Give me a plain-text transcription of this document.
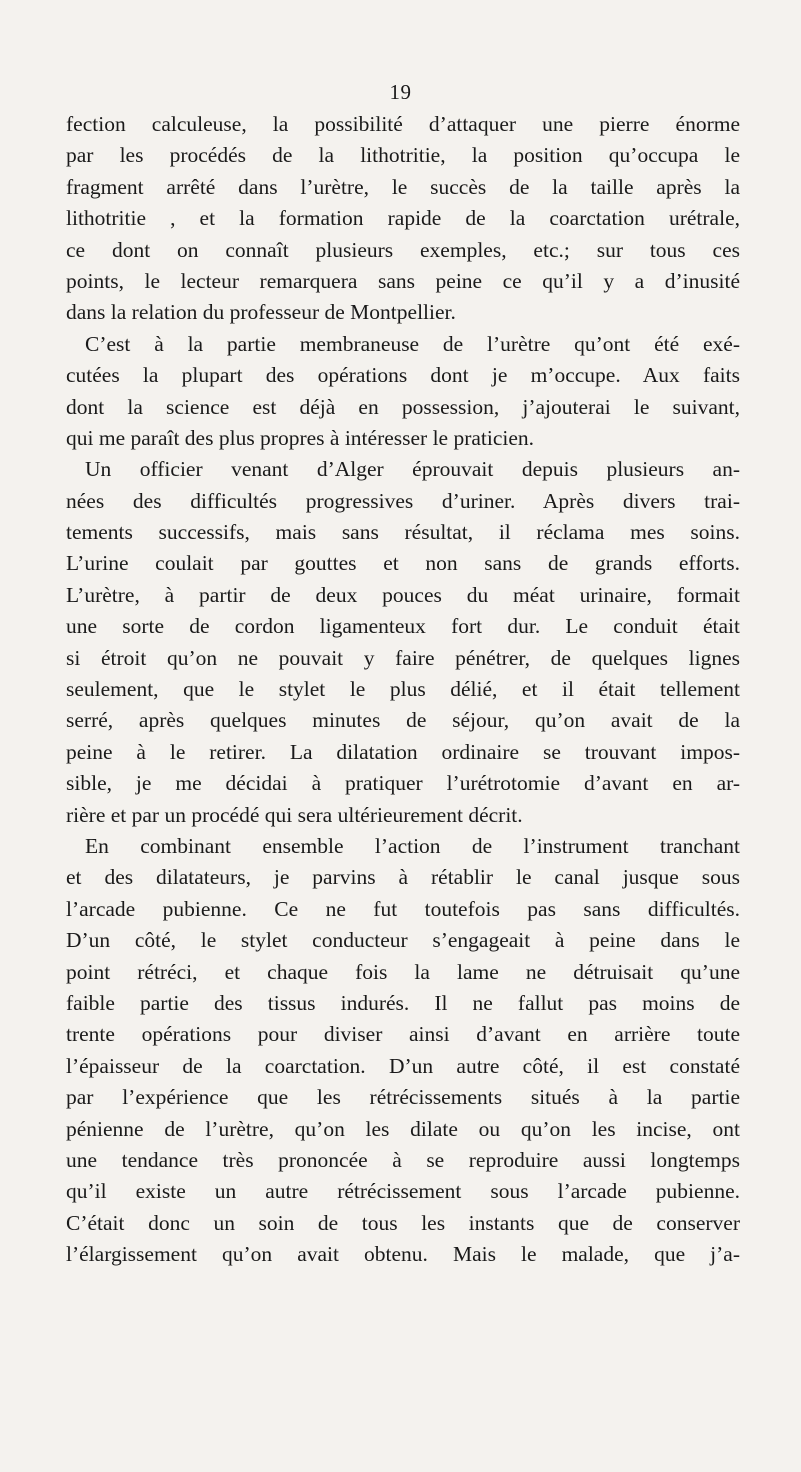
19
fection calculeuse, la possibilité d’attaquer une pierre énorme
par les procédés de la lithotritie, la position qu’occupa le
fragment arrêté dans l’urètre, le succès de la taille après la
lithotritie , et la formation rapide de la coarctation urétrale,
ce dont on connaît plusieurs exemples, etc.; sur tous ces
points, le lecteur remarquera sans peine ce qu’il y a d’inusité
dans la relation du professeur de Montpellier.
C’est à la partie membraneuse de l’urètre qu’ont été exé-
cutées la plupart des opérations dont je m’occupe. Aux faits
dont la science est déjà en possession, j’ajouterai le suivant,
qui me paraît des plus propres à intéresser le praticien.
Un officier venant d’Alger éprouvait depuis plusieurs an-
nées des difficultés progressives d’uriner. Après divers trai-
tements successifs, mais sans résultat, il réclama mes soins.
L’urine coulait par gouttes et non sans de grands efforts.
L’urètre, à partir de deux pouces du méat urinaire, formait
une sorte de cordon ligamenteux fort dur. Le conduit était
si étroit qu’on ne pouvait y faire pénétrer, de quelques lignes
seulement, que le stylet le plus délié, et il était tellement
serré, après quelques minutes de séjour, qu’on avait de la
peine à le retirer. La dilatation ordinaire se trouvant impos-
sible, je me décidai à pratiquer l’urétrotomie d’avant en ar-
rière et par un procédé qui sera ultérieurement décrit.
En combinant ensemble l’action de l’instrument tranchant
et des dilatateurs, je parvins à rétablir le canal jusque sous
l’arcade pubienne. Ce ne fut toutefois pas sans difficultés.
D’un côté, le stylet conducteur s’engageait à peine dans le
point rétréci, et chaque fois la lame ne détruisait qu’une
faible partie des tissus indurés. Il ne fallut pas moins de
trente opérations pour diviser ainsi d’avant en arrière toute
l’épaisseur de la coarctation. D’un autre côté, il est constaté
par l’expérience que les rétrécissements situés à la partie
pénienne de l’urètre, qu’on les dilate ou qu’on les incise, ont
une tendance très prononcée à se reproduire aussi longtemps
qu’il existe un autre rétrécissement sous l’arcade pubienne.
C’était donc un soin de tous les instants que de conserver
l’élargissement qu’on avait obtenu. Mais le malade, que j’a-
